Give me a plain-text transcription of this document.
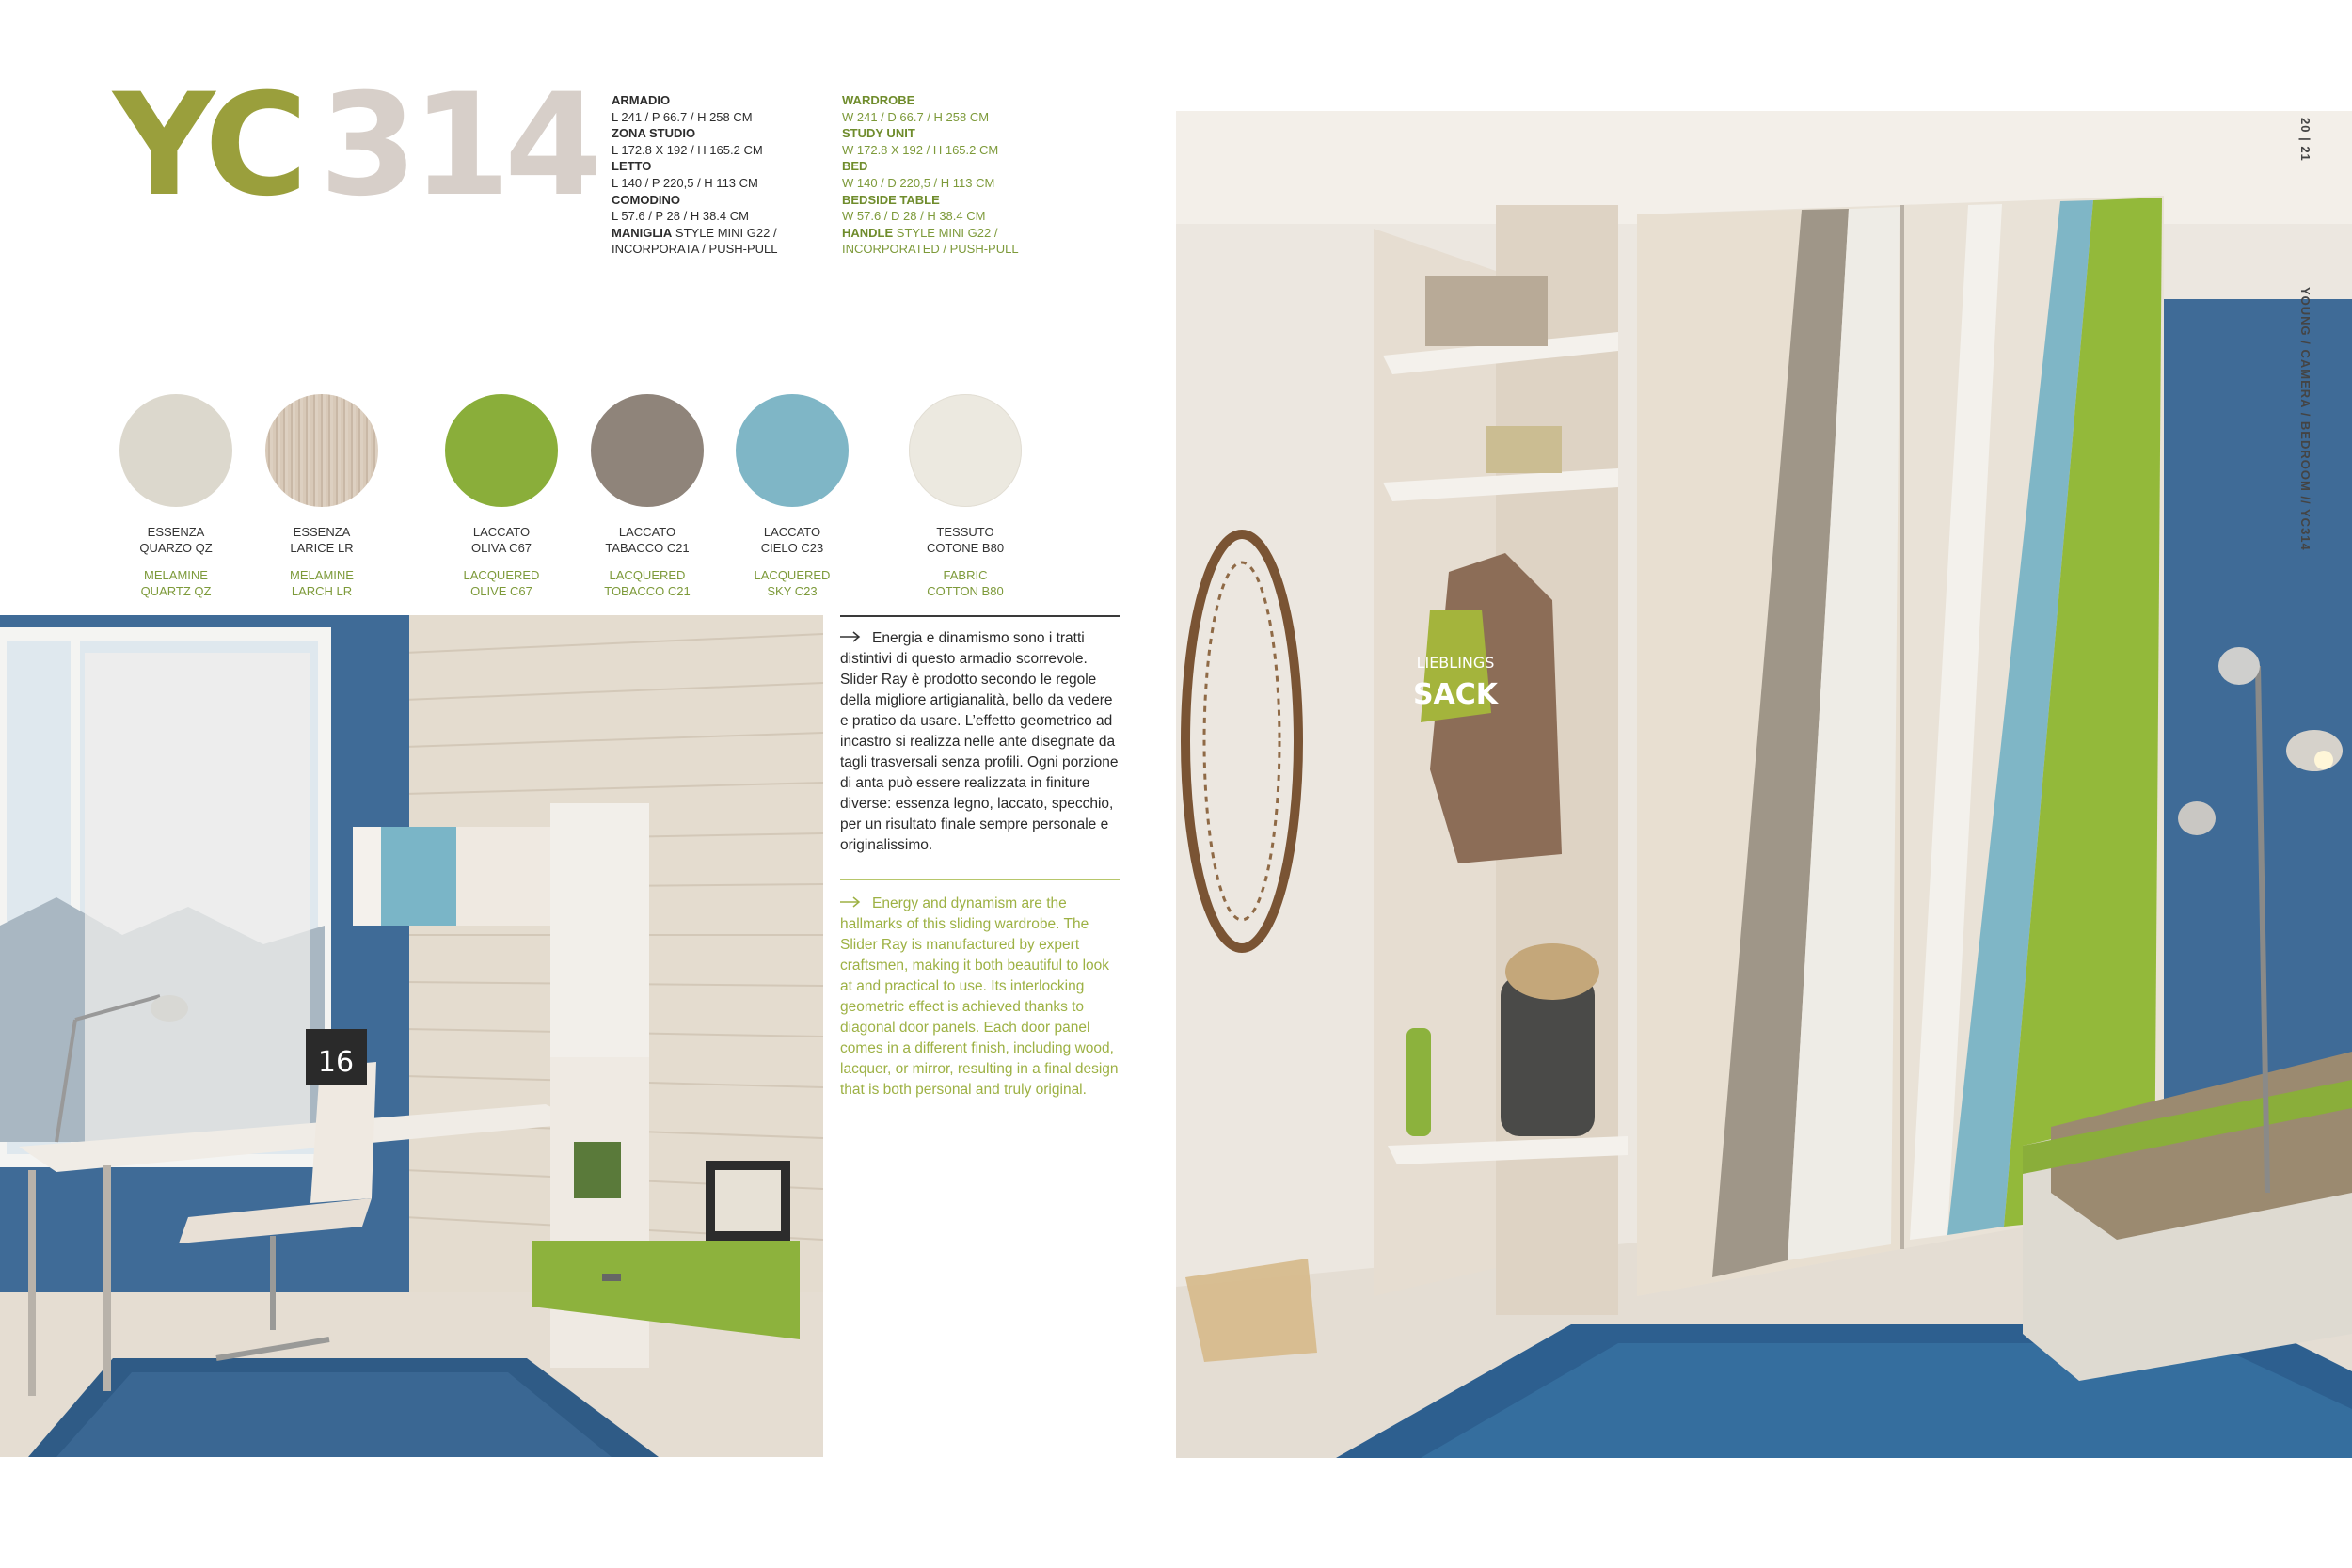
YC 314 ARMADIO
L 241 / P 66.7 / H 258 CM
ZONA STUDIO
L 172.8 X 192 / H 165.2 CM
LETTO
L 140 / P 220,5 / H 113 CM
COMODINO
L 57.6 / P 28 / H 38.4 CM
MANIGLIA STYLE MINI G22 /
INCORPORATA / PUSH-PULL
WARDROBE
W 241 / D 66.7 / H 258 CM
STUDY UNIT
W 172.8 X 192 / H 165.2 CM
BED
W 140 / D 220,5 / H 113 CM
BEDSIDE TABLE
W 57.6 / D 28 / H 38.4 CM
HANDLE STYLE MINI G22 /
INCORPORATED / PUSH-PULL
ESSENZA
QUARZO QZ
ESSENZA
LARICE LR
LACCATO
OLIVA C67
LACCATO
TABACCO C21
LACCATO
CIELO C23
TESSUTO
COTONE B80
MELAMINE
QUARTZ QZ
MELAMINE
LARCH LR
LACQUERED
OLIVE C67
LACQUERED
TOBACCO C21
LACQUERED
SKY C23
FABRIC
COTTON B80
16
Energia e dinamismo sono i tratti distintivi di questo armadio scorrevole. Slider Ray è prodotto secondo le regole della migliore artigianalità, bello da vedere e pratico da usare. L’effetto geometrico ad incastro si realizza nelle ante disegnate da tagli trasversali senza profili. Ogni porzione di anta può essere realizzata in finiture diverse: essenza legno, laccato, specchio, per un risultato finale sempre personale e originalissimo.
Energy and dynamism are the hallmarks of this sliding wardrobe. The Slider Ray is manufactured by expert craftsmen, making it both beautiful to look at and practical to use. Its interlocking geometric effect is achieved thanks to diagonal door panels. Each door panel comes in a different finish, including wood, lacquer, or mirror, resulting in a final design that is both personal and truly original.
LIEBLINGS
SACK
20 | 21
YOUNG / CAMERA / BEDROOM // YC314
